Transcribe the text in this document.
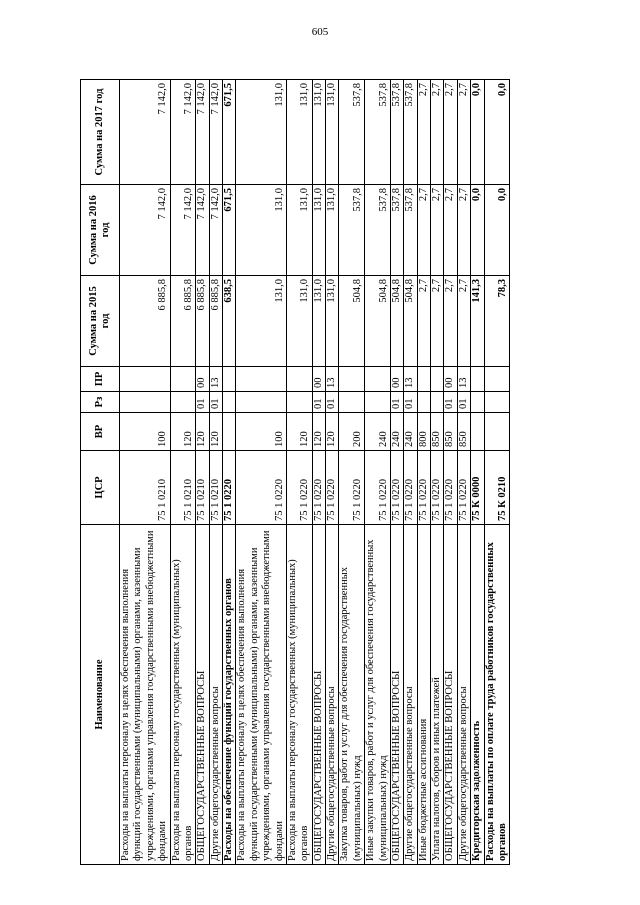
605
Наименование	ЦСР	ВР	Рз	ПР	Сумма на 2015 год	Сумма на 2016 год	Сумма на 2017 год
Расходы на выплаты персоналу в целях обеспечения выполнения функций государственными (муниципальными) органами, казенными учреждениями, органами управления государственными внебюджетными фондами	75 1 0210	100			6 885,8	7 142,0	7 142,0
Расходы на выплаты персоналу государственных (муниципальных) органов	75 1 0210	120			6 885,8	7 142,0	7 142,0
ОБЩЕГОСУДАРСТВЕННЫЕ ВОПРОСЫ	75 1 0210	120	01	00	6 885,8	7 142,0	7 142,0
Другие общегосударственные вопросы	75 1 0210	120	01	13	6 885,8	7 142,0	7 142,0
Расходы на обеспечение функций государственных органов	75 1 0220				638,5	671,5	671,5
Расходы на выплаты персоналу в целях обеспечения выполнения функций государственными (муниципальными) органами, казенными учреждениями, органами управления государственными внебюджетными фондами	75 1 0220	100			131,0	131,0	131,0
Расходы на выплаты персоналу государственных (муниципальных) органов	75 1 0220	120			131,0	131,0	131,0
ОБЩЕГОСУДАРСТВЕННЫЕ ВОПРОСЫ	75 1 0220	120	01	00	131,0	131,0	131,0
Другие общегосударственные вопросы	75 1 0220	120	01	13	131,0	131,0	131,0
Закупка товаров, работ и услуг для обеспечения государственных (муниципальных) нужд	75 1 0220	200			504,8	537,8	537,8
Иные закупки товаров, работ и услуг для обеспечения государственных (муниципальных) нужд	75 1 0220	240			504,8	537,8	537,8
ОБЩЕГОСУДАРСТВЕННЫЕ ВОПРОСЫ	75 1 0220	240	01	00	504,8	537,8	537,8
Другие общегосударственные вопросы	75 1 0220	240	01	13	504,8	537,8	537,8
Иные бюджетные ассигнования	75 1 0220	800			2,7	2,7	2,7
Уплата налогов, сборов и иных платежей	75 1 0220	850			2,7	2,7	2,7
ОБЩЕГОСУДАРСТВЕННЫЕ ВОПРОСЫ	75 1 0220	850	01	00	2,7	2,7	2,7
Другие общегосударственные вопросы	75 1 0220	850	01	13	2,7	2,7	2,7
Кредиторская задолженность	75 К 0000				141,3	0,0	0,0
Расходы на выплаты по оплате труда работников государственных органов	75 К 0210				78,3	0,0	0,0
